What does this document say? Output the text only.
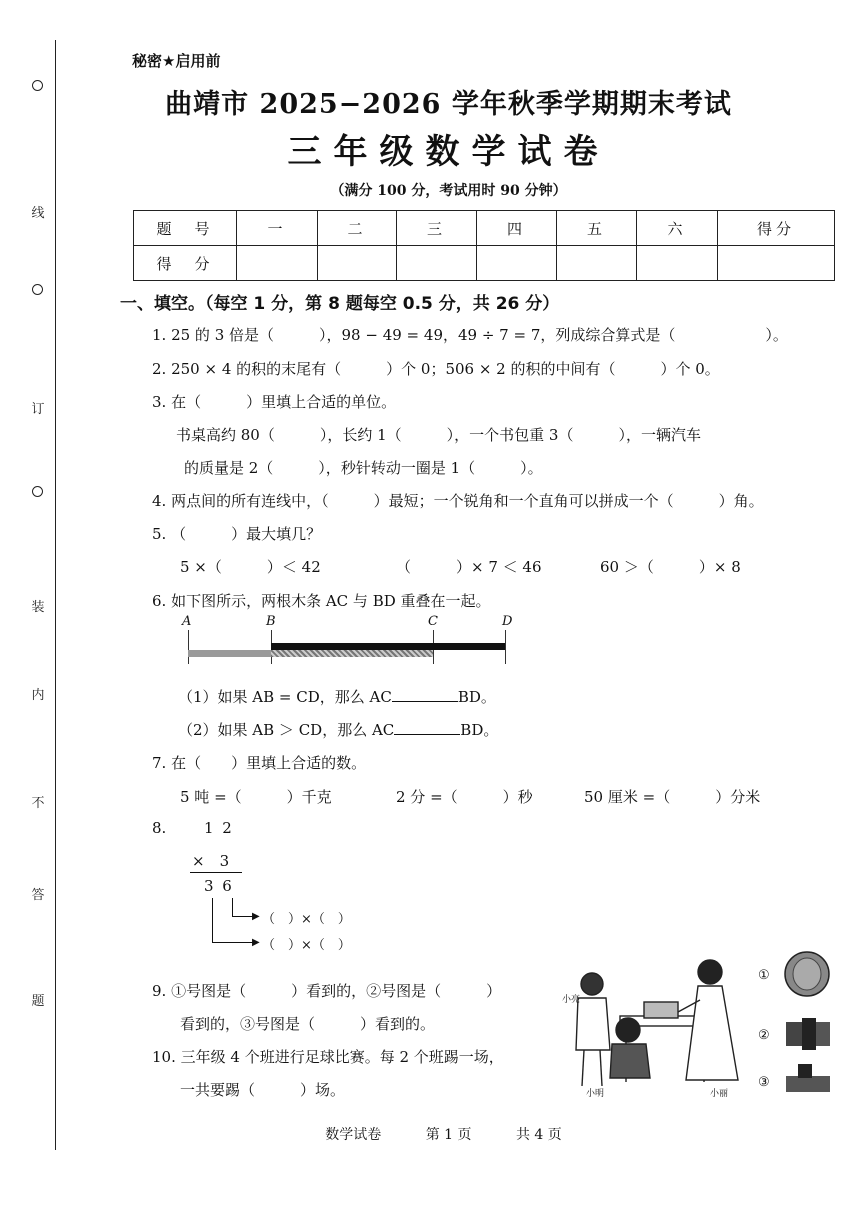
线
订
装
内
不
答
题
秘密★启用前
曲靖市 2025−2026 学年秋季学期期末考试
三年级数学试卷
（满分 100 分，考试用时 90 分钟）
题　号	一	二	三	四	五	六	得分
得　分							
一、填空。（每空 1 分，第 8 题每空 0.5 分，共 26 分）
1. 25 的 3 倍是（　　　），98 − 49 = 49，49 ÷ 7 = 7，列成综合算式是（　　　　　　）。
2. 250 × 4 的积的末尾有（　　　）个 0；506 × 2 的积的中间有（　　　）个 0。
3. 在（　　　）里填上合适的单位。
书桌高约 80（　　　），长约 1（　　　），一个书包重 3（　　　），一辆汽车
的质量是 2（　　　），秒针转动一圈是 1（　　　）。
4. 两点间的所有连线中，（　　　）最短；一个锐角和一个直角可以拼成一个（　　　）角。
5. （　　　）最大填几？
5 ×（　　　）＜ 42	（　　　）× 7 ＜ 46	60 ＞（　　　）× 8
6. 如下图所示，两根木条 AC 与 BD 重叠在一起。
A	B	C	D
（1）如果 AB = CD，那么 AC	BD。
（2）如果 AB ＞ CD，那么 AC	BD。
7. 在（　　）里填上合适的数。
5 吨 =（　　　）千克	2 分 =（　　　）秒	50 厘米 =（　　　）分米
8.	1 2
×　3
3 6
▶
▶
（　）×（　）
（　）×（　）
9. ①号图是（　　　）看到的，②号图是（　　　）
看到的，③号图是（　　　）看到的。
10. 三年级 4 个班进行足球比赛。每 2 个班踢一场，
一共要踢（　　　）场。
小亮
小明	小丽
①
②
③
数学试卷	第 1 页	共 4 页
